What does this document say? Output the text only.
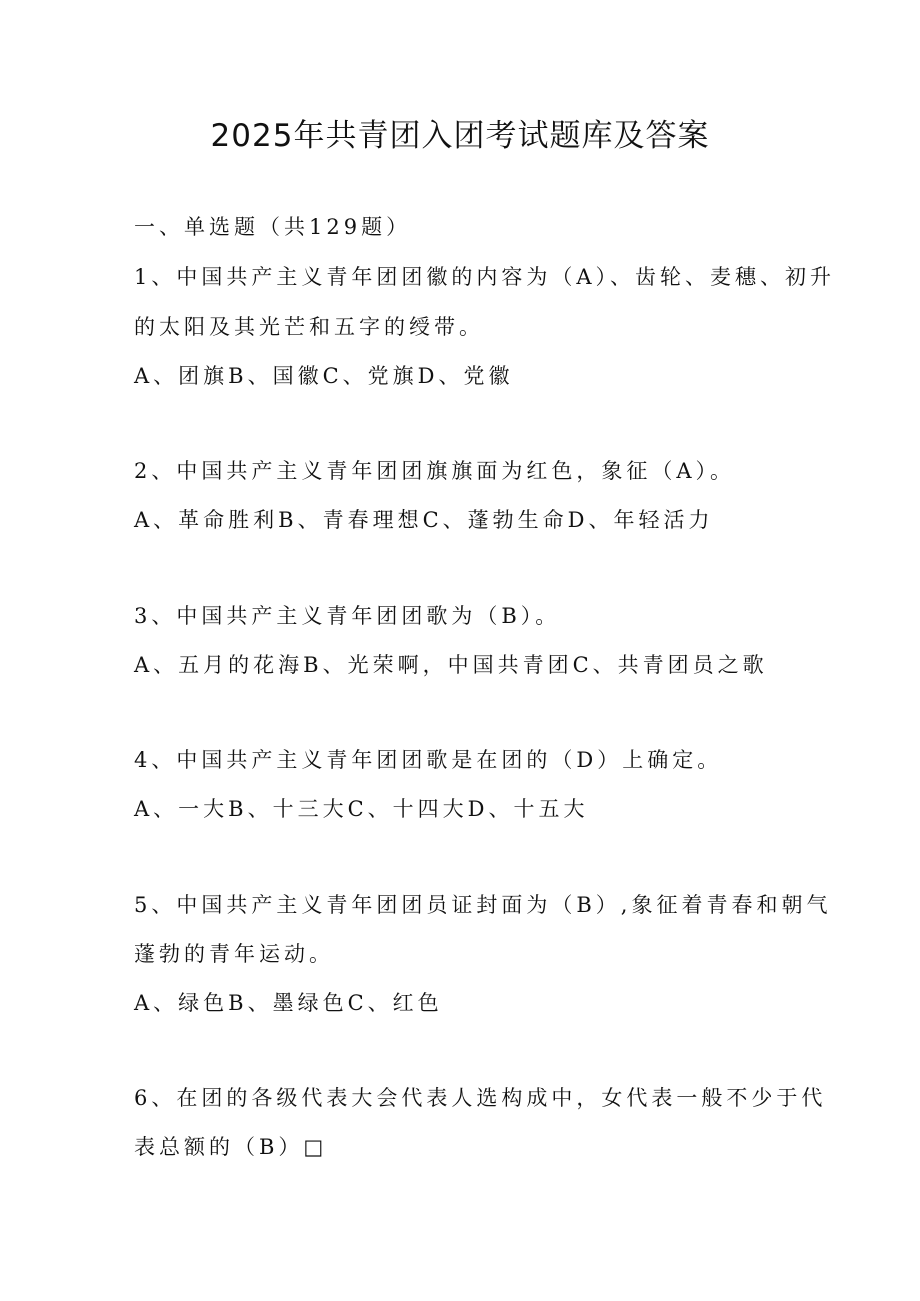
2025年共青团入团考试题库及答案
一、单选题（共129题）
1、中国共产主义青年团团徽的内容为（A）、齿轮、麦穗、初升
的太阳及其光芒和五字的绶带。
A、团旗B、国徽C、党旗D、党徽
2、中国共产主义青年团团旗旗面为红色，象征（A）。
A、革命胜利B、青春理想C、蓬勃生命D、年轻活力
3、中国共产主义青年团团歌为（B）。
A、五月的花海B、光荣啊，中国共青团C、共青团员之歌
4、中国共产主义青年团团歌是在团的（D）上确定。
A、一大B、十三大C、十四大D、十五大
5、中国共产主义青年团团员证封面为（B）,象征着青春和朝气
蓬勃的青年运动。
A、绿色B、墨绿色C、红色
6、在团的各级代表大会代表人选构成中，女代表一般不少于代
表总额的（B）□
